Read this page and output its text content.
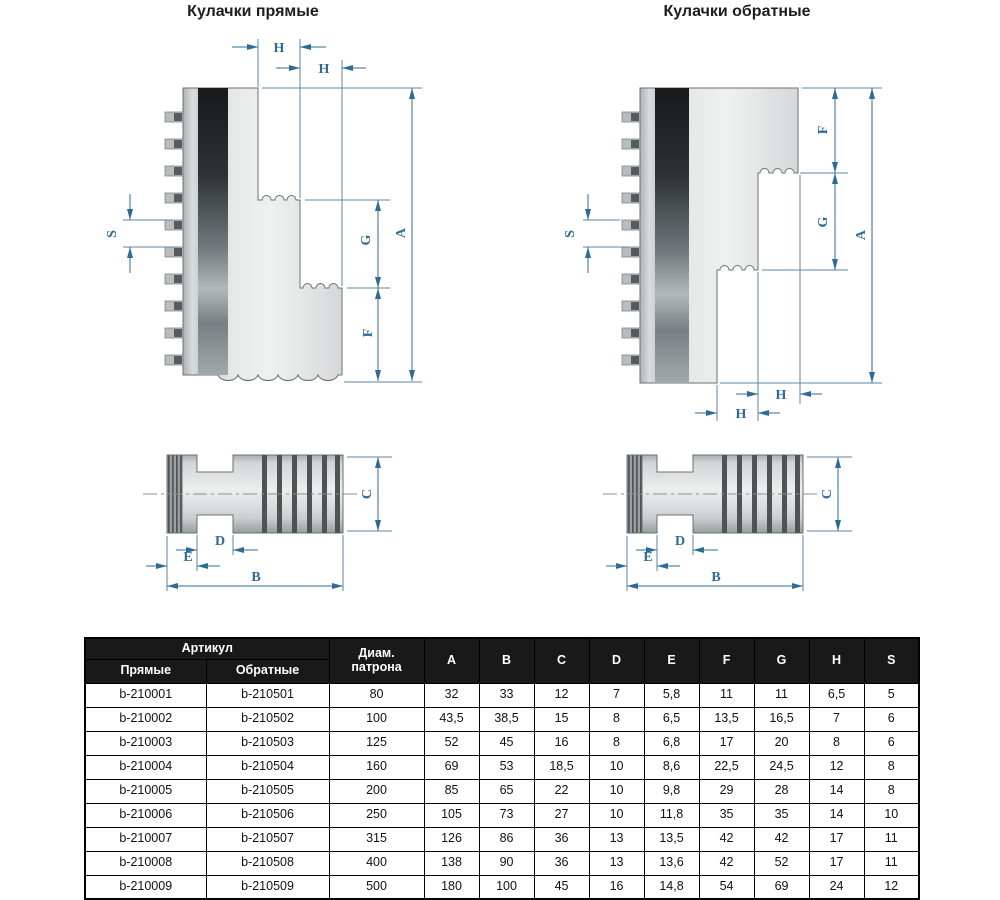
Кулачки прямые	Кулачки обратные
H
H
S
G
F
A
C
D
E
B
S
F
G
A
H
H
C
D
E
B
Артикул		Диам.
патрона	A	B	C	D	E	F	G	H	S
Прямые	Обратные										
b-210001	b-210501	80	32	33	12	7	5,8	11	11	6,5	5
b-210002	b-210502	100	43,5	38,5	15	8	6,5	13,5	16,5	7	6
b-210003	b-210503	125	52	45	16	8	6,8	17	20	8	6
b-210004	b-210504	160	69	53	18,5	10	8,6	22,5	24,5	12	8
b-210005	b-210505	200	85	65	22	10	9,8	29	28	14	8
b-210006	b-210506	250	105	73	27	10	11,8	35	35	14	10
b-210007	b-210507	315	126	86	36	13	13,5	42	42	17	11
b-210008	b-210508	400	138	90	36	13	13,6	42	52	17	11
b-210009	b-210509	500	180	100	45	16	14,8	54	69	24	12
